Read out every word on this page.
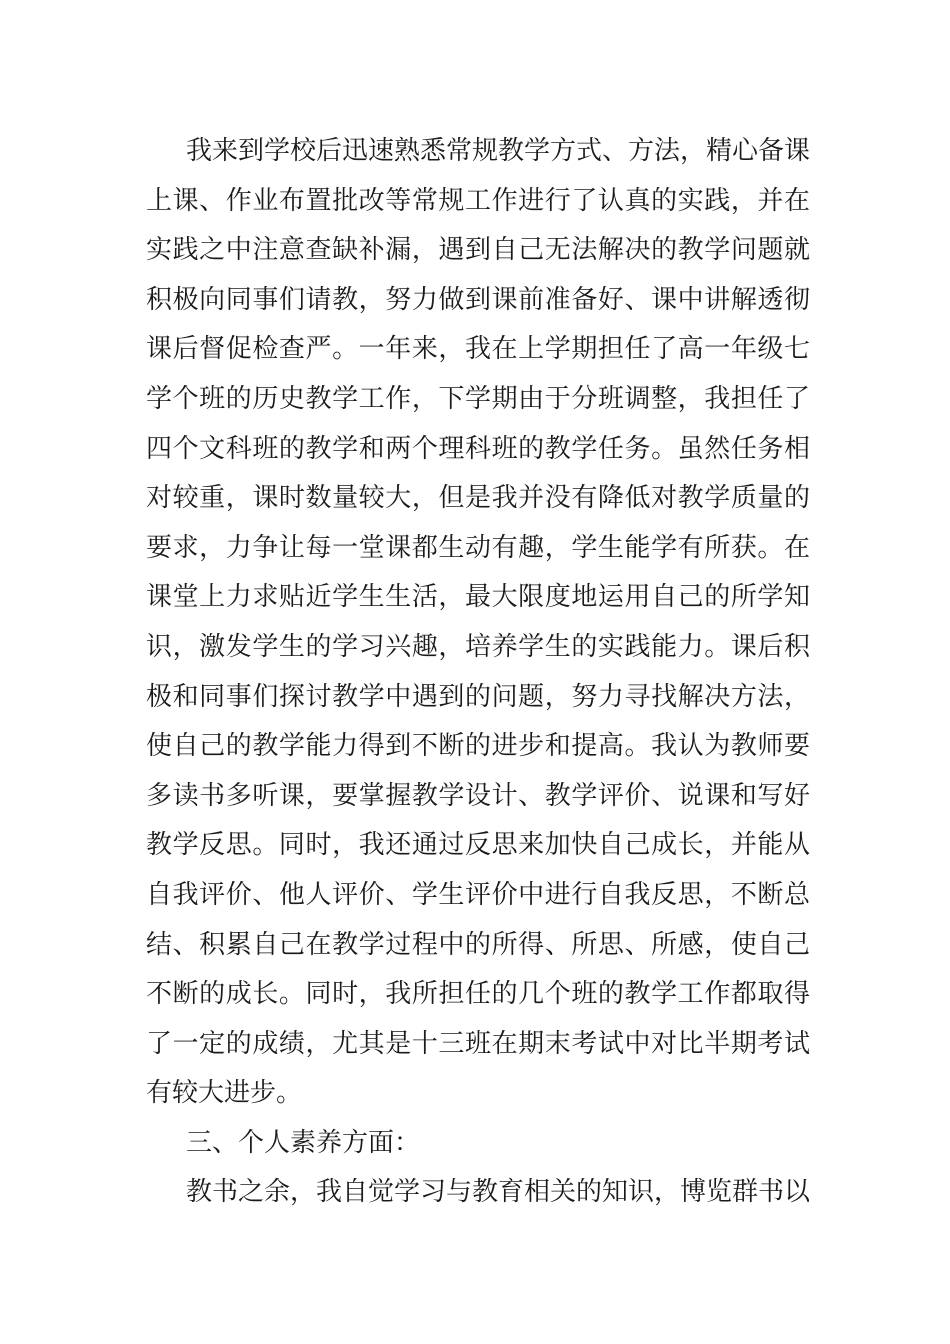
我来到学校后迅速熟悉常规教学方式、方法，精心备课
上课、作业布置批改等常规工作进行了认真的实践，并在
实践之中注意查缺补漏，遇到自己无法解决的教学问题就
积极向同事们请教，努力做到课前准备好、课中讲解透彻
课后督促检查严。一年来，我在上学期担任了高一年级七
学个班的历史教学工作，下学期由于分班调整，我担任了
四个文科班的教学和两个理科班的教学任务。虽然任务相
对较重，课时数量较大，但是我并没有降低对教学质量的
要求，力争让每一堂课都生动有趣，学生能学有所获。在
课堂上力求贴近学生生活，最大限度地运用自己的所学知
识，激发学生的学习兴趣，培养学生的实践能力。课后积
极和同事们探讨教学中遇到的问题，努力寻找解决方法，
使自己的教学能力得到不断的进步和提高。我认为教师要
多读书多听课，要掌握教学设计、教学评价、说课和写好
教学反思。同时，我还通过反思来加快自己成长，并能从
自我评价、他人评价、学生评价中进行自我反思，不断总
结、积累自己在教学过程中的所得、所思、所感，使自己
不断的成长。同时，我所担任的几个班的教学工作都取得
了一定的成绩，尤其是十三班在期末考试中对比半期考试
有较大进步。
三、个人素养方面：
教书之余，我自觉学习与教育相关的知识，博览群书以
